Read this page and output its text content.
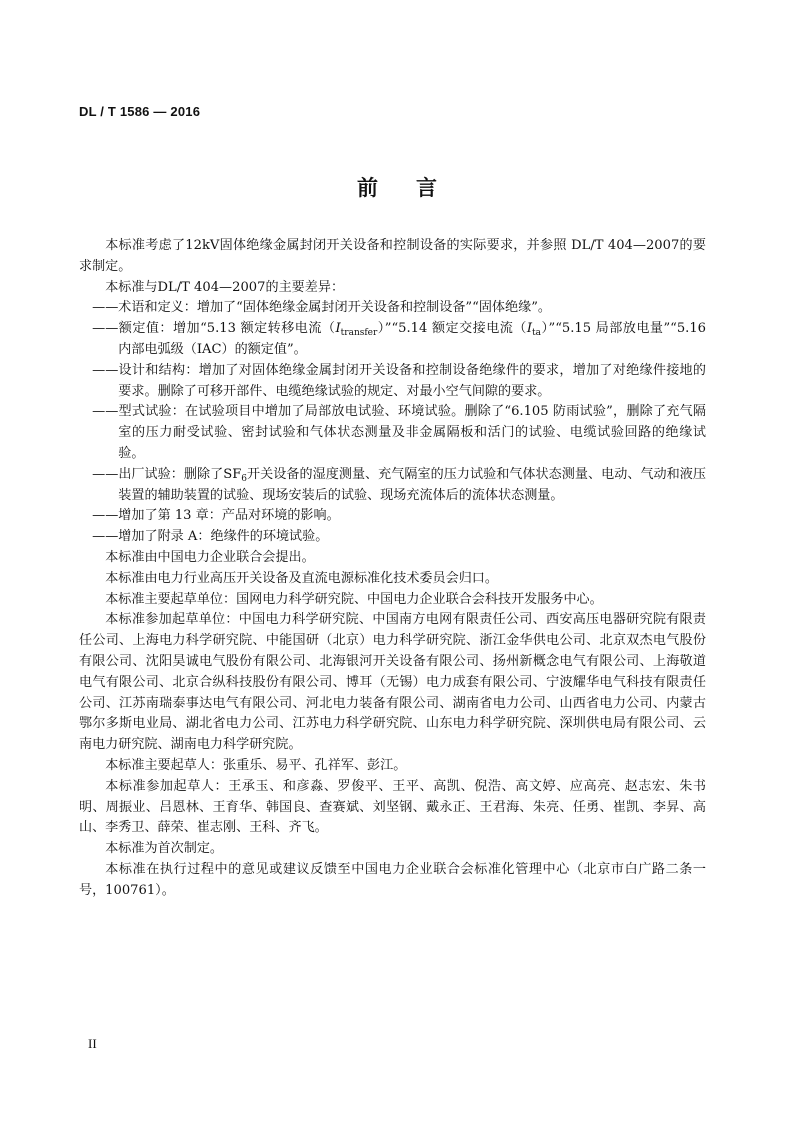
DL / T 1586 — 2016
前言

本标准考虑了12kV固体绝缘金属封闭开关设备和控制设备的实际要求，并参照 DL/T 404—2007的要求制定。

本标准与DL/T 404—2007的主要差异：

——术语和定义：增加了“固体绝缘金属封闭开关设备和控制设备”“固体绝缘”。

——额定值：增加“5.13 额定转移电流$(I_{transfer})”“5.14$ 额定交接电流$(I_{ta})”“5.15$ 局部放电量”“5.16 内部电弧级（IAC）的额定值”。

——设计和结构：增加了对固体绝缘金属封闭开关设备和控制设备绝缘件的要求，增加了对绝缘件接地的要求。删除了可移开部件、电缆绝缘试验的规定、对最小空气间隙的要求。

——型式试验：在试验项目中增加了局部放电试验、环境试验。删除了“6.105 防雨试验”，删除了充气隔室的压力耐受试验、密封试验和气体状态测量及非金属隔板和活门的试验、电缆试验回路的绝缘试验。

——出厂试验：删除了$SF_6$开关设备的湿度测量、充气隔室的压力试验和气体状态测量、电动、气动和液压装置的辅助装置的试验、现场安装后的试验、现场充流体后的流体状态测量。

——增加了第 13 章：产品对环境的影响。

——增加了附录 A：绝缘件的环境试验。

本标准由中国电力企业联合会提出。

本标准由电力行业高压开关设备及直流电源标准化技术委员会归口。

本标准主要起草单位：国网电力科学研究院、中国电力企业联合会科技开发服务中心。

本标准参加起草单位：中国电力科学研究院、中国南方电网有限责任公司、西安高压电器研究院有限责任公司、上海电力科学研究院、中能国研（北京）电力科学研究院、浙江金华供电公司、北京双杰电气股份有限公司、沈阳昊诚电气股份有限公司、北海银河开关设备有限公司、扬州新概念电气有限公司、上海敬道电气有限公司、北京合纵科技股份有限公司、博耳（无锡）电力成套有限公司、宁波耀华电气科技有限责任公司、江苏南瑞泰事达电气有限公司、河北电力装备有限公司、湖南省电力公司、山西省电力公司、内蒙古鄂尔多斯电业局、湖北省电力公司、江苏电力科学研究院、山东电力科学研究院、深圳供电局有限公司、云南电力研究院、湖南电力科学研究院。

本标准主要起草人：张重乐、易平、孔祥军、彭江。

本标准参加起草人：王承玉、和彦淼、罗俊平、王平、高凯、倪浩、高文婷、应高亮、赵志宏、朱书明、周振业、吕恩林、王育华、韩国良、查赛斌、刘坚钢、戴永正、王君海、朱亮、任勇、崔凯、李昇、高山、李秀卫、薛荣、崔志刚、王科、齐飞。

本标准为首次制定。

本标准在执行过程中的意见或建议反馈至中国电力企业联合会标准化管理中心（北京市白广路二条一号，100761）。

II
